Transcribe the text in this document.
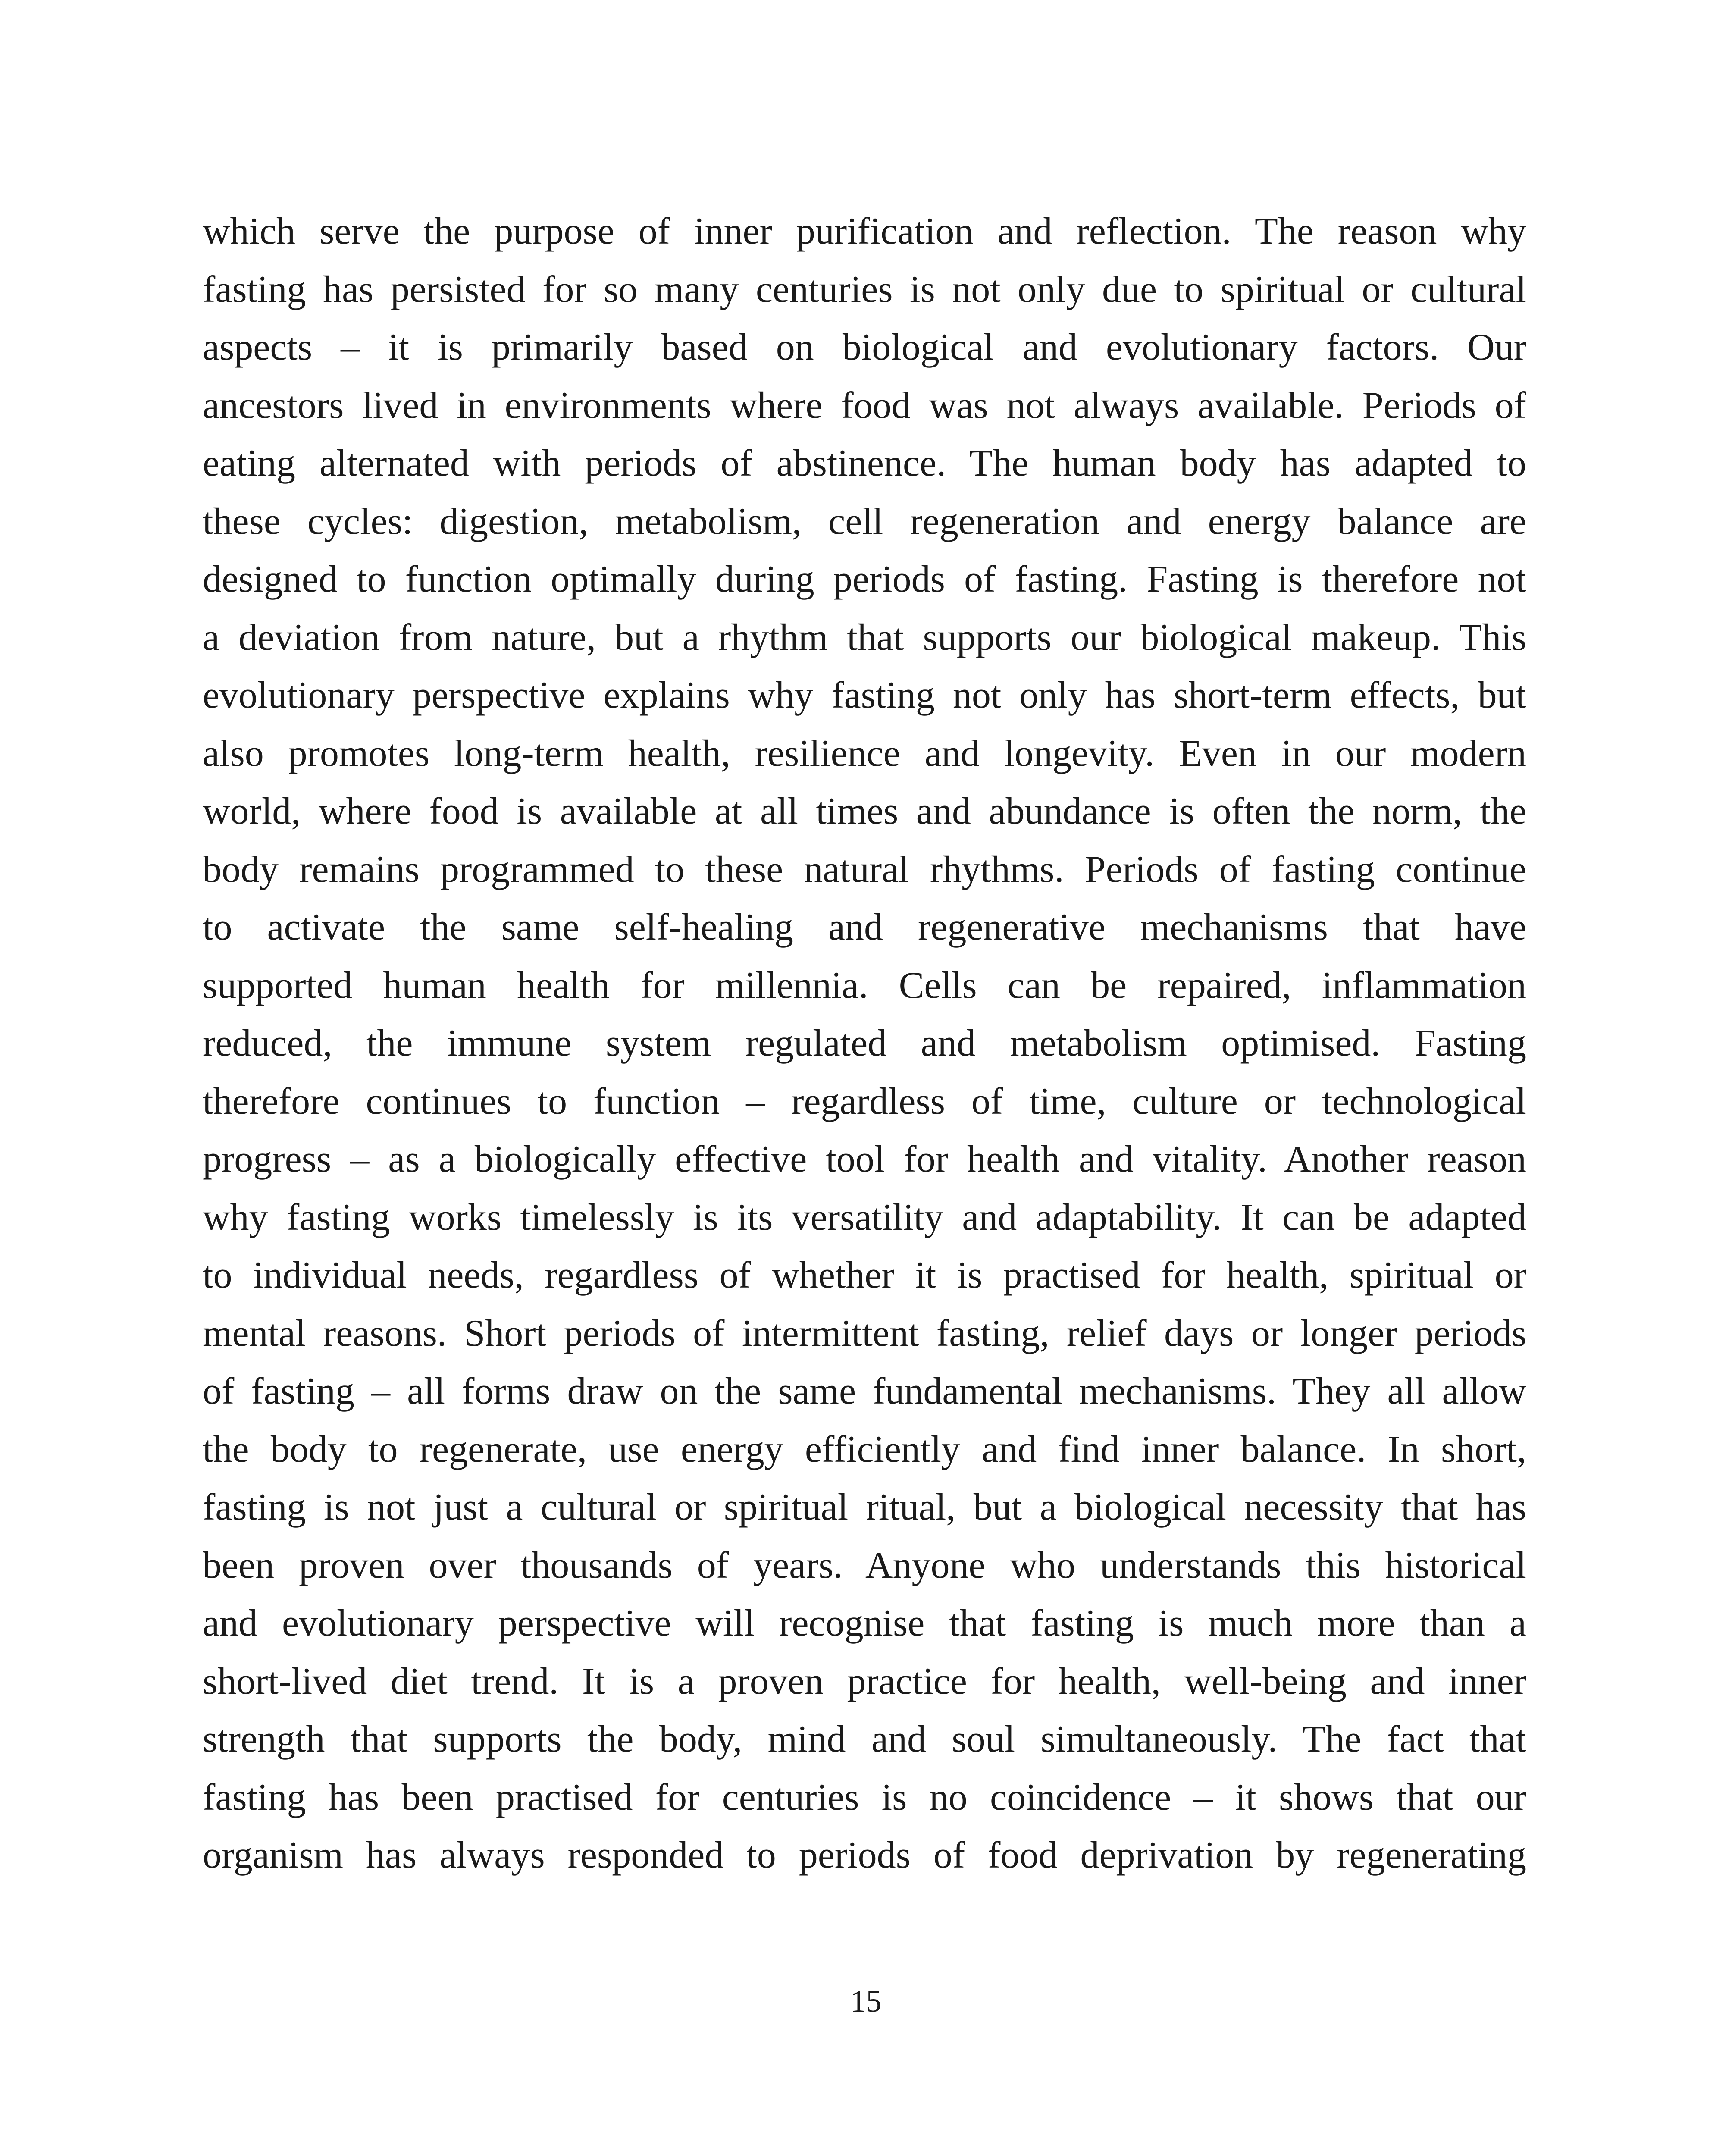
which serve the purpose of inner purification and reflection. The reason why
fasting has persisted for so many centuries is not only due to spiritual or cultural
aspects – it is primarily based on biological and evolutionary factors. Our
ancestors lived in environments where food was not always available. Periods of
eating alternated with periods of abstinence. The human body has adapted to
these cycles: digestion, metabolism, cell regeneration and energy balance are
designed to function optimally during periods of fasting. Fasting is therefore not
a deviation from nature, but a rhythm that supports our biological makeup. This
evolutionary perspective explains why fasting not only has short-term effects, but
also promotes long-term health, resilience and longevity. Even in our modern
world, where food is available at all times and abundance is often the norm, the
body remains programmed to these natural rhythms. Periods of fasting continue
to activate the same self-healing and regenerative mechanisms that have
supported human health for millennia. Cells can be repaired, inflammation
reduced, the immune system regulated and metabolism optimised. Fasting
therefore continues to function – regardless of time, culture or technological
progress – as a biologically effective tool for health and vitality. Another reason
why fasting works timelessly is its versatility and adaptability. It can be adapted
to individual needs, regardless of whether it is practised for health, spiritual or
mental reasons. Short periods of intermittent fasting, relief days or longer periods
of fasting – all forms draw on the same fundamental mechanisms. They all allow
the body to regenerate, use energy efficiently and find inner balance. In short,
fasting is not just a cultural or spiritual ritual, but a biological necessity that has
been proven over thousands of years. Anyone who understands this historical
and evolutionary perspective will recognise that fasting is much more than a
short-lived diet trend. It is a proven practice for health, well-being and inner
strength that supports the body, mind and soul simultaneously. The fact that
fasting has been practised for centuries is no coincidence – it shows that our
organism has always responded to periods of food deprivation by regenerating

15
